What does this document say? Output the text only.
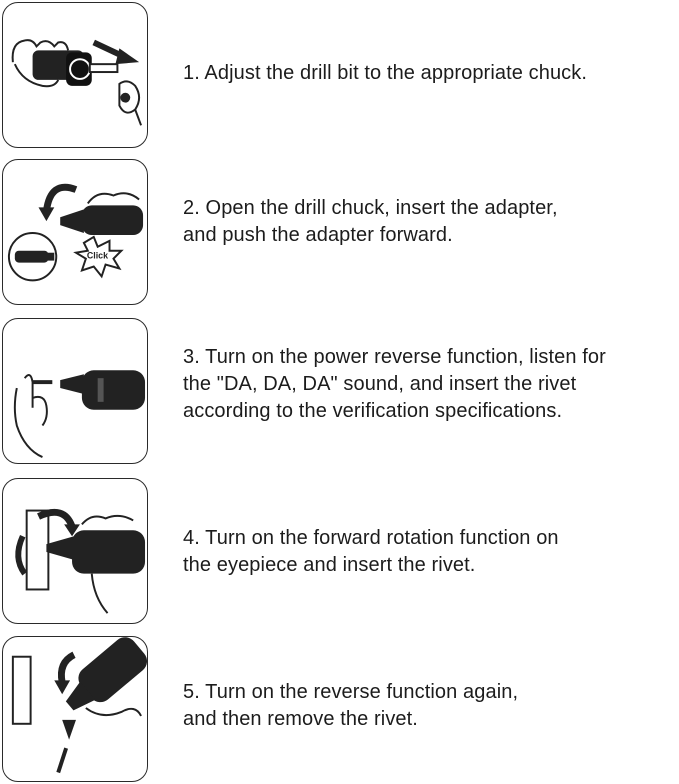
1. Adjust the drill bit to the appropriate chuck.
Click
2. Open the drill chuck, insert the adapter,
and push the adapter forward.
3. Turn on the power reverse function, listen for
the "DA, DA, DA" sound, and insert the rivet
according to the verification specifications.
4. Turn on the forward rotation function on
the eyepiece and insert the rivet.
5. Turn on the reverse function again,
and then remove the rivet.
